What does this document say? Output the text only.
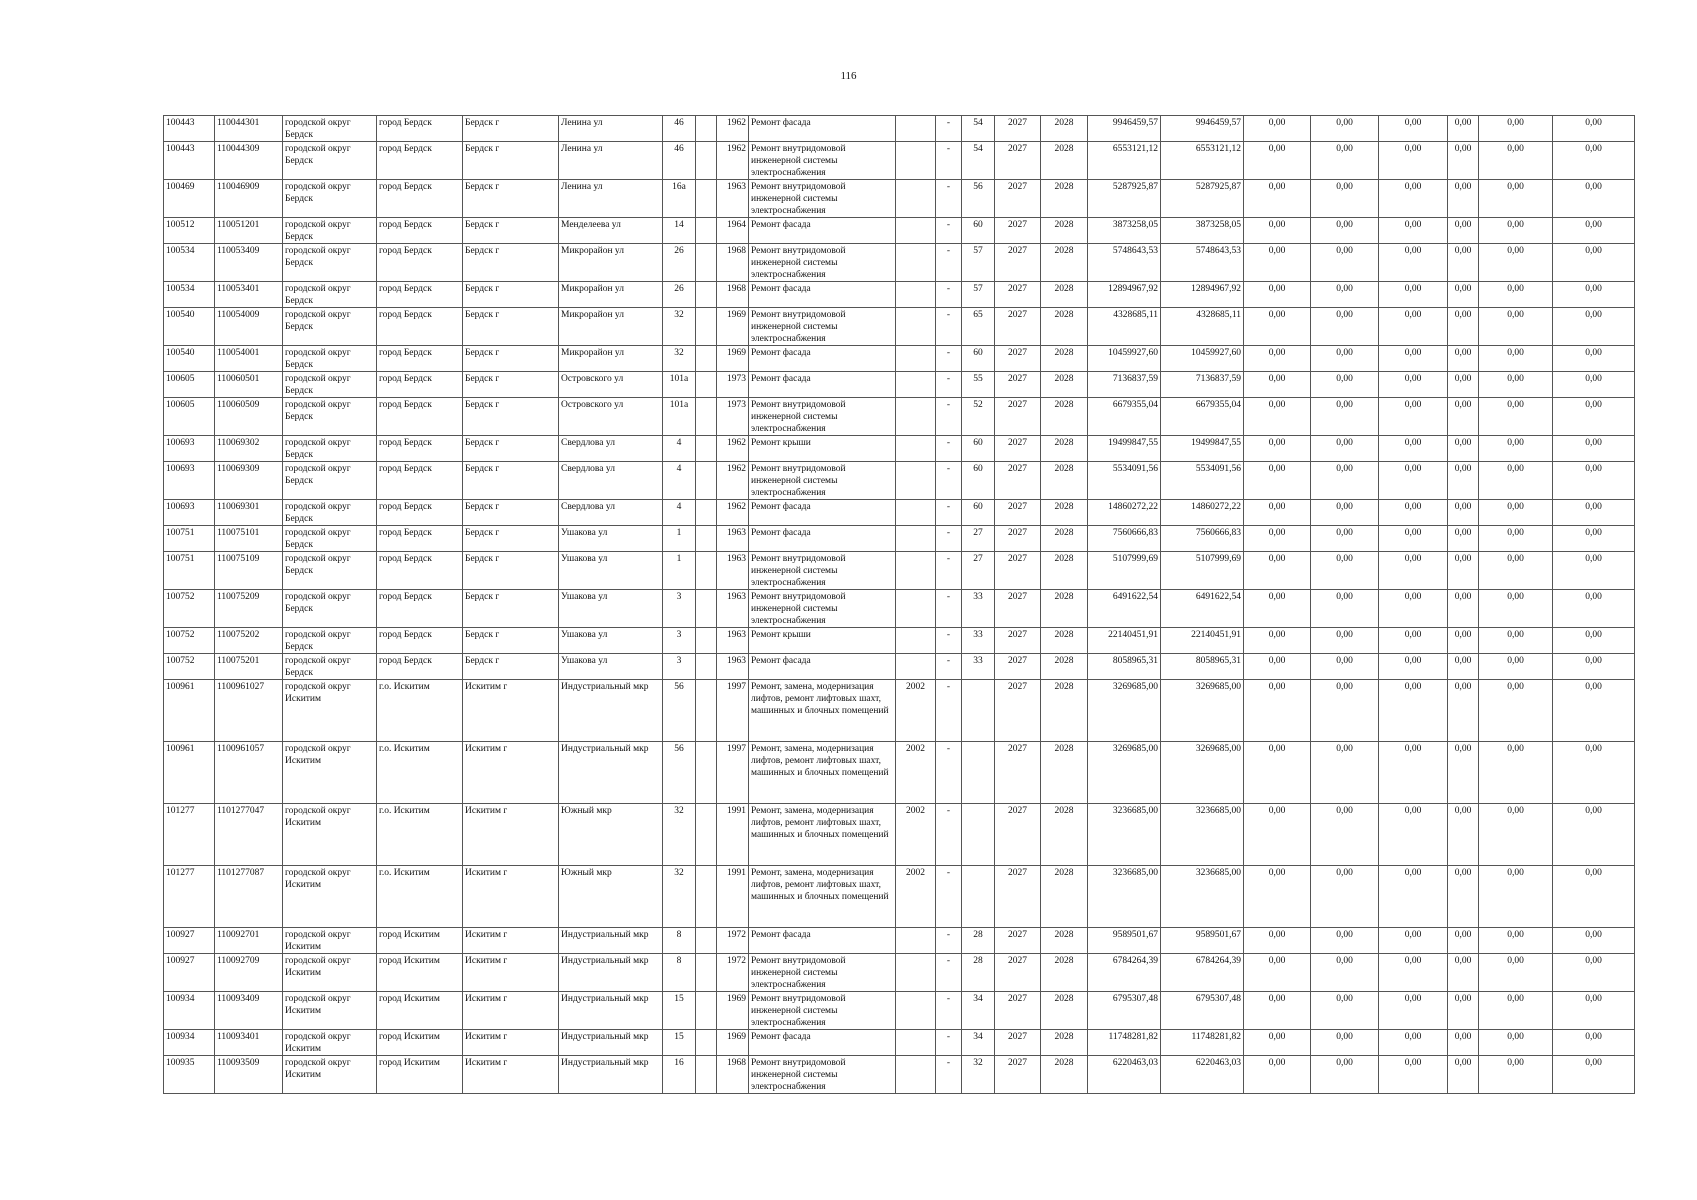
116
100443	110044301	городской округ Бердск	город Бердск	Бердск г	Ленина ул	46		1962	Ремонт фасада		-	54	2027	2028	9946459,57	9946459,57	0,00	0,00	0,00	0,00	0,00	0,00
100443	110044309	городской округ Бердск	город Бердск	Бердск г	Ленина ул	46		1962	Ремонт внутридомовой инженерной системы электроснабжения		-	54	2027	2028	6553121,12	6553121,12	0,00	0,00	0,00	0,00	0,00	0,00
100469	110046909	городской округ Бердск	город Бердск	Бердск г	Ленина ул	16а		1963	Ремонт внутридомовой инженерной системы электроснабжения		-	56	2027	2028	5287925,87	5287925,87	0,00	0,00	0,00	0,00	0,00	0,00
100512	110051201	городской округ Бердск	город Бердск	Бердск г	Менделеева ул	14		1964	Ремонт фасада		-	60	2027	2028	3873258,05	3873258,05	0,00	0,00	0,00	0,00	0,00	0,00
100534	110053409	городской округ Бердск	город Бердск	Бердск г	Микрорайон ул	26		1968	Ремонт внутридомовой инженерной системы электроснабжения		-	57	2027	2028	5748643,53	5748643,53	0,00	0,00	0,00	0,00	0,00	0,00
100534	110053401	городской округ Бердск	город Бердск	Бердск г	Микрорайон ул	26		1968	Ремонт фасада		-	57	2027	2028	12894967,92	12894967,92	0,00	0,00	0,00	0,00	0,00	0,00
100540	110054009	городской округ Бердск	город Бердск	Бердск г	Микрорайон ул	32		1969	Ремонт внутридомовой инженерной системы электроснабжения		-	65	2027	2028	4328685,11	4328685,11	0,00	0,00	0,00	0,00	0,00	0,00
100540	110054001	городской округ Бердск	город Бердск	Бердск г	Микрорайон ул	32		1969	Ремонт фасада		-	60	2027	2028	10459927,60	10459927,60	0,00	0,00	0,00	0,00	0,00	0,00
100605	110060501	городской округ Бердск	город Бердск	Бердск г	Островского ул	101а		1973	Ремонт фасада		-	55	2027	2028	7136837,59	7136837,59	0,00	0,00	0,00	0,00	0,00	0,00
100605	110060509	городской округ Бердск	город Бердск	Бердск г	Островского ул	101а		1973	Ремонт внутридомовой инженерной системы электроснабжения		-	52	2027	2028	6679355,04	6679355,04	0,00	0,00	0,00	0,00	0,00	0,00
100693	110069302	городской округ Бердск	город Бердск	Бердск г	Свердлова ул	4		1962	Ремонт крыши		-	60	2027	2028	19499847,55	19499847,55	0,00	0,00	0,00	0,00	0,00	0,00
100693	110069309	городской округ Бердск	город Бердск	Бердск г	Свердлова ул	4		1962	Ремонт внутридомовой инженерной системы электроснабжения		-	60	2027	2028	5534091,56	5534091,56	0,00	0,00	0,00	0,00	0,00	0,00
100693	110069301	городской округ Бердск	город Бердск	Бердск г	Свердлова ул	4		1962	Ремонт фасада		-	60	2027	2028	14860272,22	14860272,22	0,00	0,00	0,00	0,00	0,00	0,00
100751	110075101	городской округ Бердск	город Бердск	Бердск г	Ушакова ул	1		1963	Ремонт фасада		-	27	2027	2028	7560666,83	7560666,83	0,00	0,00	0,00	0,00	0,00	0,00
100751	110075109	городской округ Бердск	город Бердск	Бердск г	Ушакова ул	1		1963	Ремонт внутридомовой инженерной системы электроснабжения		-	27	2027	2028	5107999,69	5107999,69	0,00	0,00	0,00	0,00	0,00	0,00
100752	110075209	городской округ Бердск	город Бердск	Бердск г	Ушакова ул	3		1963	Ремонт внутридомовой инженерной системы электроснабжения		-	33	2027	2028	6491622,54	6491622,54	0,00	0,00	0,00	0,00	0,00	0,00
100752	110075202	городской округ Бердск	город Бердск	Бердск г	Ушакова ул	3		1963	Ремонт крыши		-	33	2027	2028	22140451,91	22140451,91	0,00	0,00	0,00	0,00	0,00	0,00
100752	110075201	городской округ Бердск	город Бердск	Бердск г	Ушакова ул	3		1963	Ремонт фасада		-	33	2027	2028	8058965,31	8058965,31	0,00	0,00	0,00	0,00	0,00	0,00
100961	1100961027	городской округ Искитим	г.о. Искитим	Искитим г	Индустриальный мкр	56		1997	Ремонт, замена, модернизация лифтов, ремонт лифтовых шахт, машинных и блочных помещений	2002	-		2027	2028	3269685,00	3269685,00	0,00	0,00	0,00	0,00	0,00	0,00
100961	1100961057	городской округ Искитим	г.о. Искитим	Искитим г	Индустриальный мкр	56		1997	Ремонт, замена, модернизация лифтов, ремонт лифтовых шахт, машинных и блочных помещений	2002	-		2027	2028	3269685,00	3269685,00	0,00	0,00	0,00	0,00	0,00	0,00
101277	1101277047	городской округ Искитим	г.о. Искитим	Искитим г	Южный мкр	32		1991	Ремонт, замена, модернизация лифтов, ремонт лифтовых шахт, машинных и блочных помещений	2002	-		2027	2028	3236685,00	3236685,00	0,00	0,00	0,00	0,00	0,00	0,00
101277	1101277087	городской округ Искитим	г.о. Искитим	Искитим г	Южный мкр	32		1991	Ремонт, замена, модернизация лифтов, ремонт лифтовых шахт, машинных и блочных помещений	2002	-		2027	2028	3236685,00	3236685,00	0,00	0,00	0,00	0,00	0,00	0,00
100927	110092701	городской округ Искитим	город Искитим	Искитим г	Индустриальный мкр	8		1972	Ремонт фасада		-	28	2027	2028	9589501,67	9589501,67	0,00	0,00	0,00	0,00	0,00	0,00
100927	110092709	городской округ Искитим	город Искитим	Искитим г	Индустриальный мкр	8		1972	Ремонт внутридомовой инженерной системы электроснабжения		-	28	2027	2028	6784264,39	6784264,39	0,00	0,00	0,00	0,00	0,00	0,00
100934	110093409	городской округ Искитим	город Искитим	Искитим г	Индустриальный мкр	15		1969	Ремонт внутридомовой инженерной системы электроснабжения		-	34	2027	2028	6795307,48	6795307,48	0,00	0,00	0,00	0,00	0,00	0,00
100934	110093401	городской округ Искитим	город Искитим	Искитим г	Индустриальный мкр	15		1969	Ремонт фасада		-	34	2027	2028	11748281,82	11748281,82	0,00	0,00	0,00	0,00	0,00	0,00
100935	110093509	городской округ Искитим	город Искитим	Искитим г	Индустриальный мкр	16		1968	Ремонт внутридомовой инженерной системы электроснабжения		-	32	2027	2028	6220463,03	6220463,03	0,00	0,00	0,00	0,00	0,00	0,00
